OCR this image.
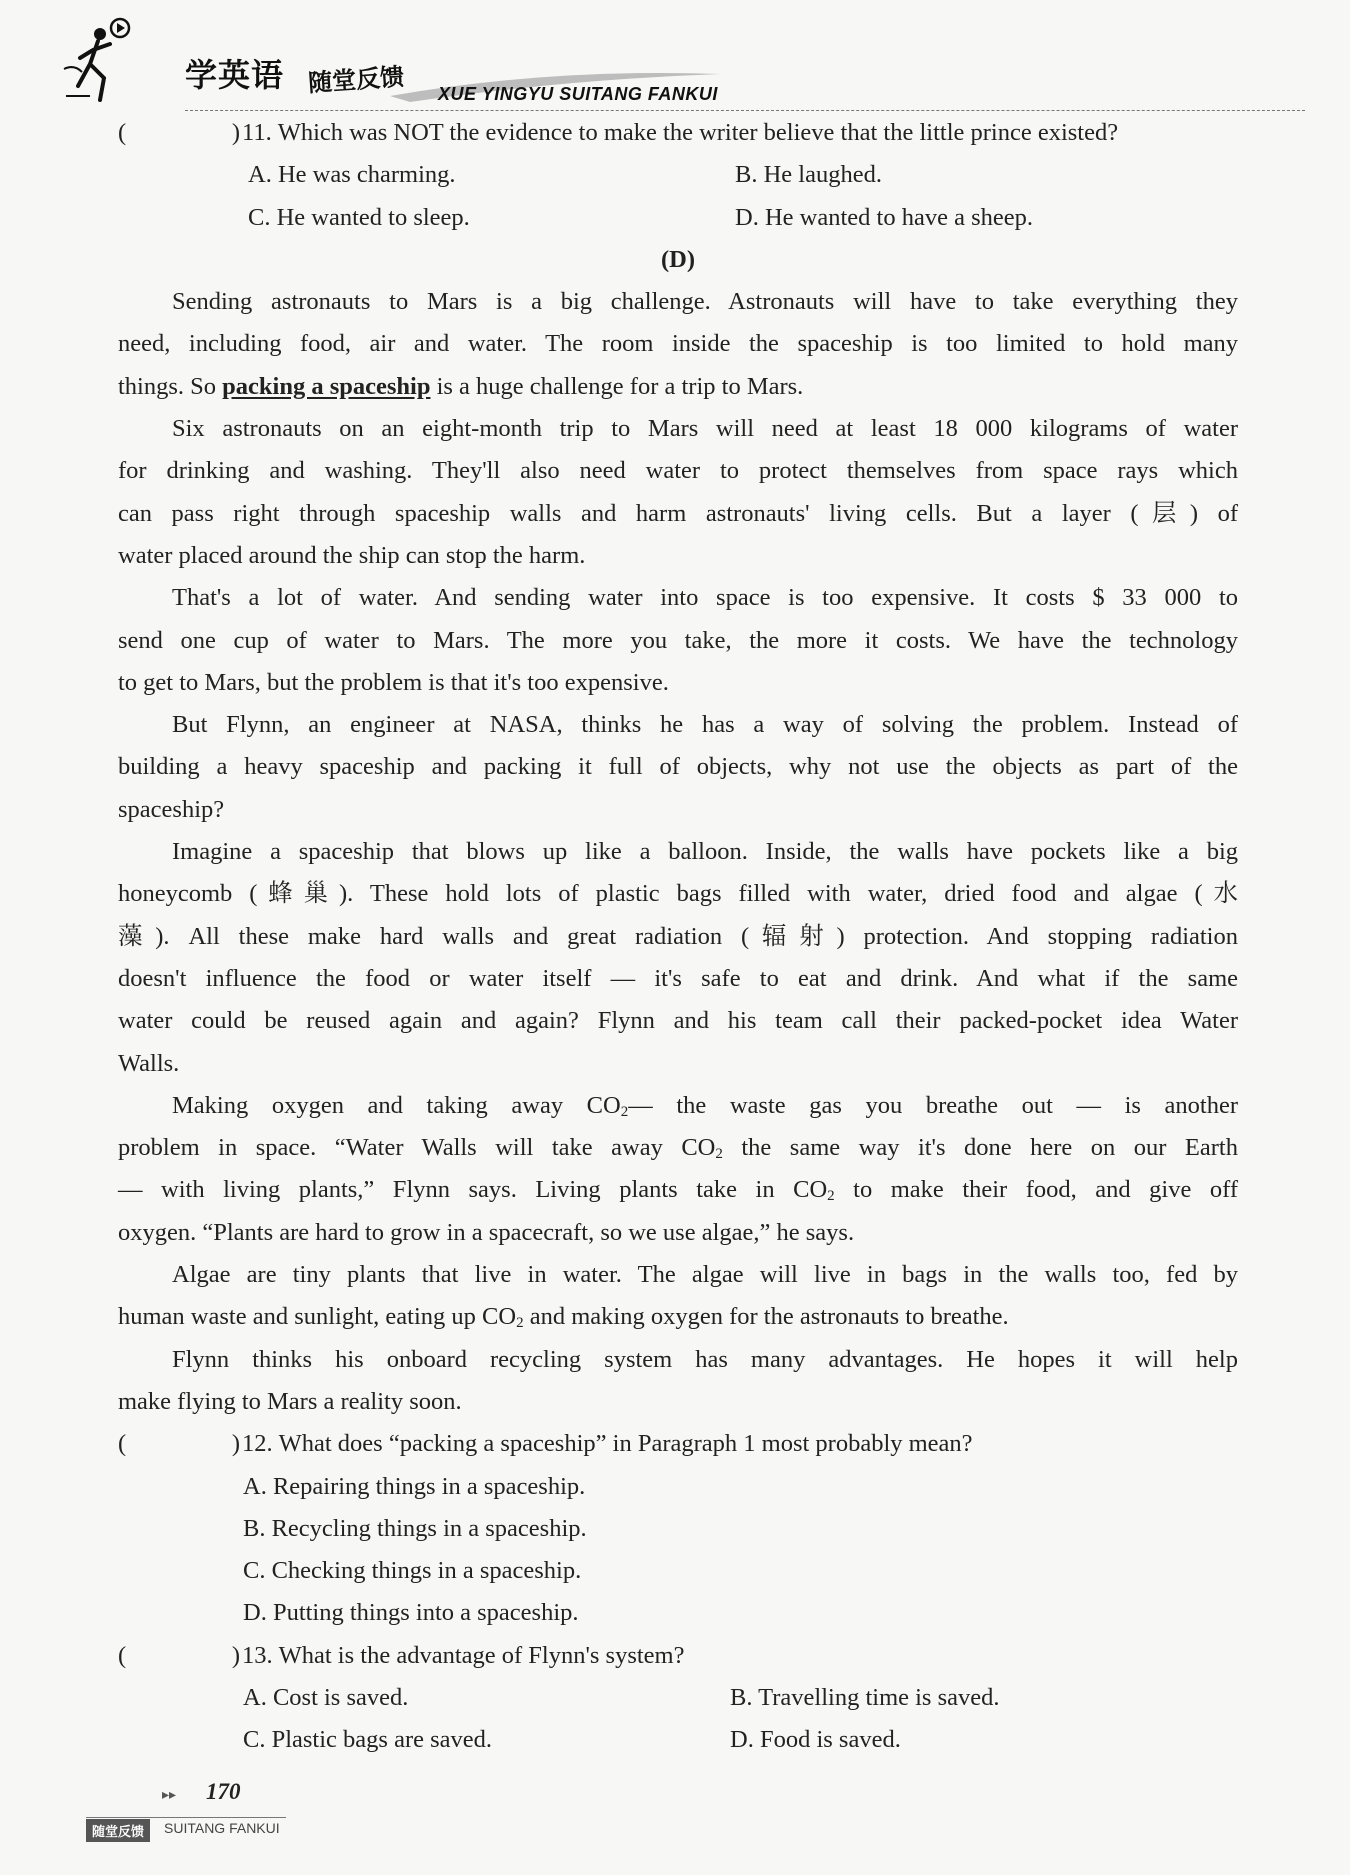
学英语 随堂反馈 XUE YINGYU SUITANG FANKUI
(	) 11. Which was NOT the evidence to make the writer believe that the little prince existed?
A. He was charming.	B. He laughed.
C. He wanted to sleep.	D. He wanted to have a sheep.
(D)
Sending astronauts to Mars is a big challenge. Astronauts will have to take everything they
need, including food, air and water. The room inside the spaceship is too limited to hold many
things. So packing a spaceship is a huge challenge for a trip to Mars.
Six astronauts on an eight-month trip to Mars will need at least 18 000 kilograms of water
for drinking and washing. They'll also need water to protect themselves from space rays which
can pass right through spaceship walls and harm astronauts' living cells. But a layer (层) of
water placed around the ship can stop the harm.
That's a lot of water. And sending water into space is too expensive. It costs $ 33 000 to
send one cup of water to Mars. The more you take, the more it costs. We have the technology
to get to Mars, but the problem is that it's too expensive.
But Flynn, an engineer at NASA, thinks he has a way of solving the problem. Instead of
building a heavy spaceship and packing it full of objects, why not use the objects as part of the
spaceship?
Imagine a spaceship that blows up like a balloon. Inside, the walls have pockets like a big
honeycomb (蜂巢). These hold lots of plastic bags filled with water, dried food and algae (水
藻). All these make hard walls and great radiation (辐射) protection. And stopping radiation
doesn't influence the food or water itself — it's safe to eat and drink. And what if the same
water could be reused again and again? Flynn and his team call their packed-pocket idea Water
Walls.
Making oxygen and taking away $CO_2—$ the waste gas you breathe out — is another
problem in space. “Water Walls will take away $CO_2$ the same way it's done here on our Earth
— with living plants,” Flynn says. Living plants take in $CO_2$ to make their food, and give off
oxygen. “Plants are hard to grow in a spacecraft, so we use algae,” he says.
Algae are tiny plants that live in water. The algae will live in bags in the walls too, fed by
human waste and sunlight, eating up $CO_2$ and making oxygen for the astronauts to breathe.
Flynn thinks his onboard recycling system has many advantages. He hopes it will help
make flying to Mars a reality soon.
(	) 12. What does “packing a spaceship” in Paragraph 1 most probably mean?
A. Repairing things in a spaceship.
B. Recycling things in a spaceship.
C. Checking things in a spaceship.
D. Putting things into a spaceship.
(	) 13. What is the advantage of Flynn's system?
A. Cost is saved.	B. Travelling time is saved.
C. Plastic bags are saved.	D. Food is saved.
▸▸ 170
随堂反馈	SUITANG FANKUI
